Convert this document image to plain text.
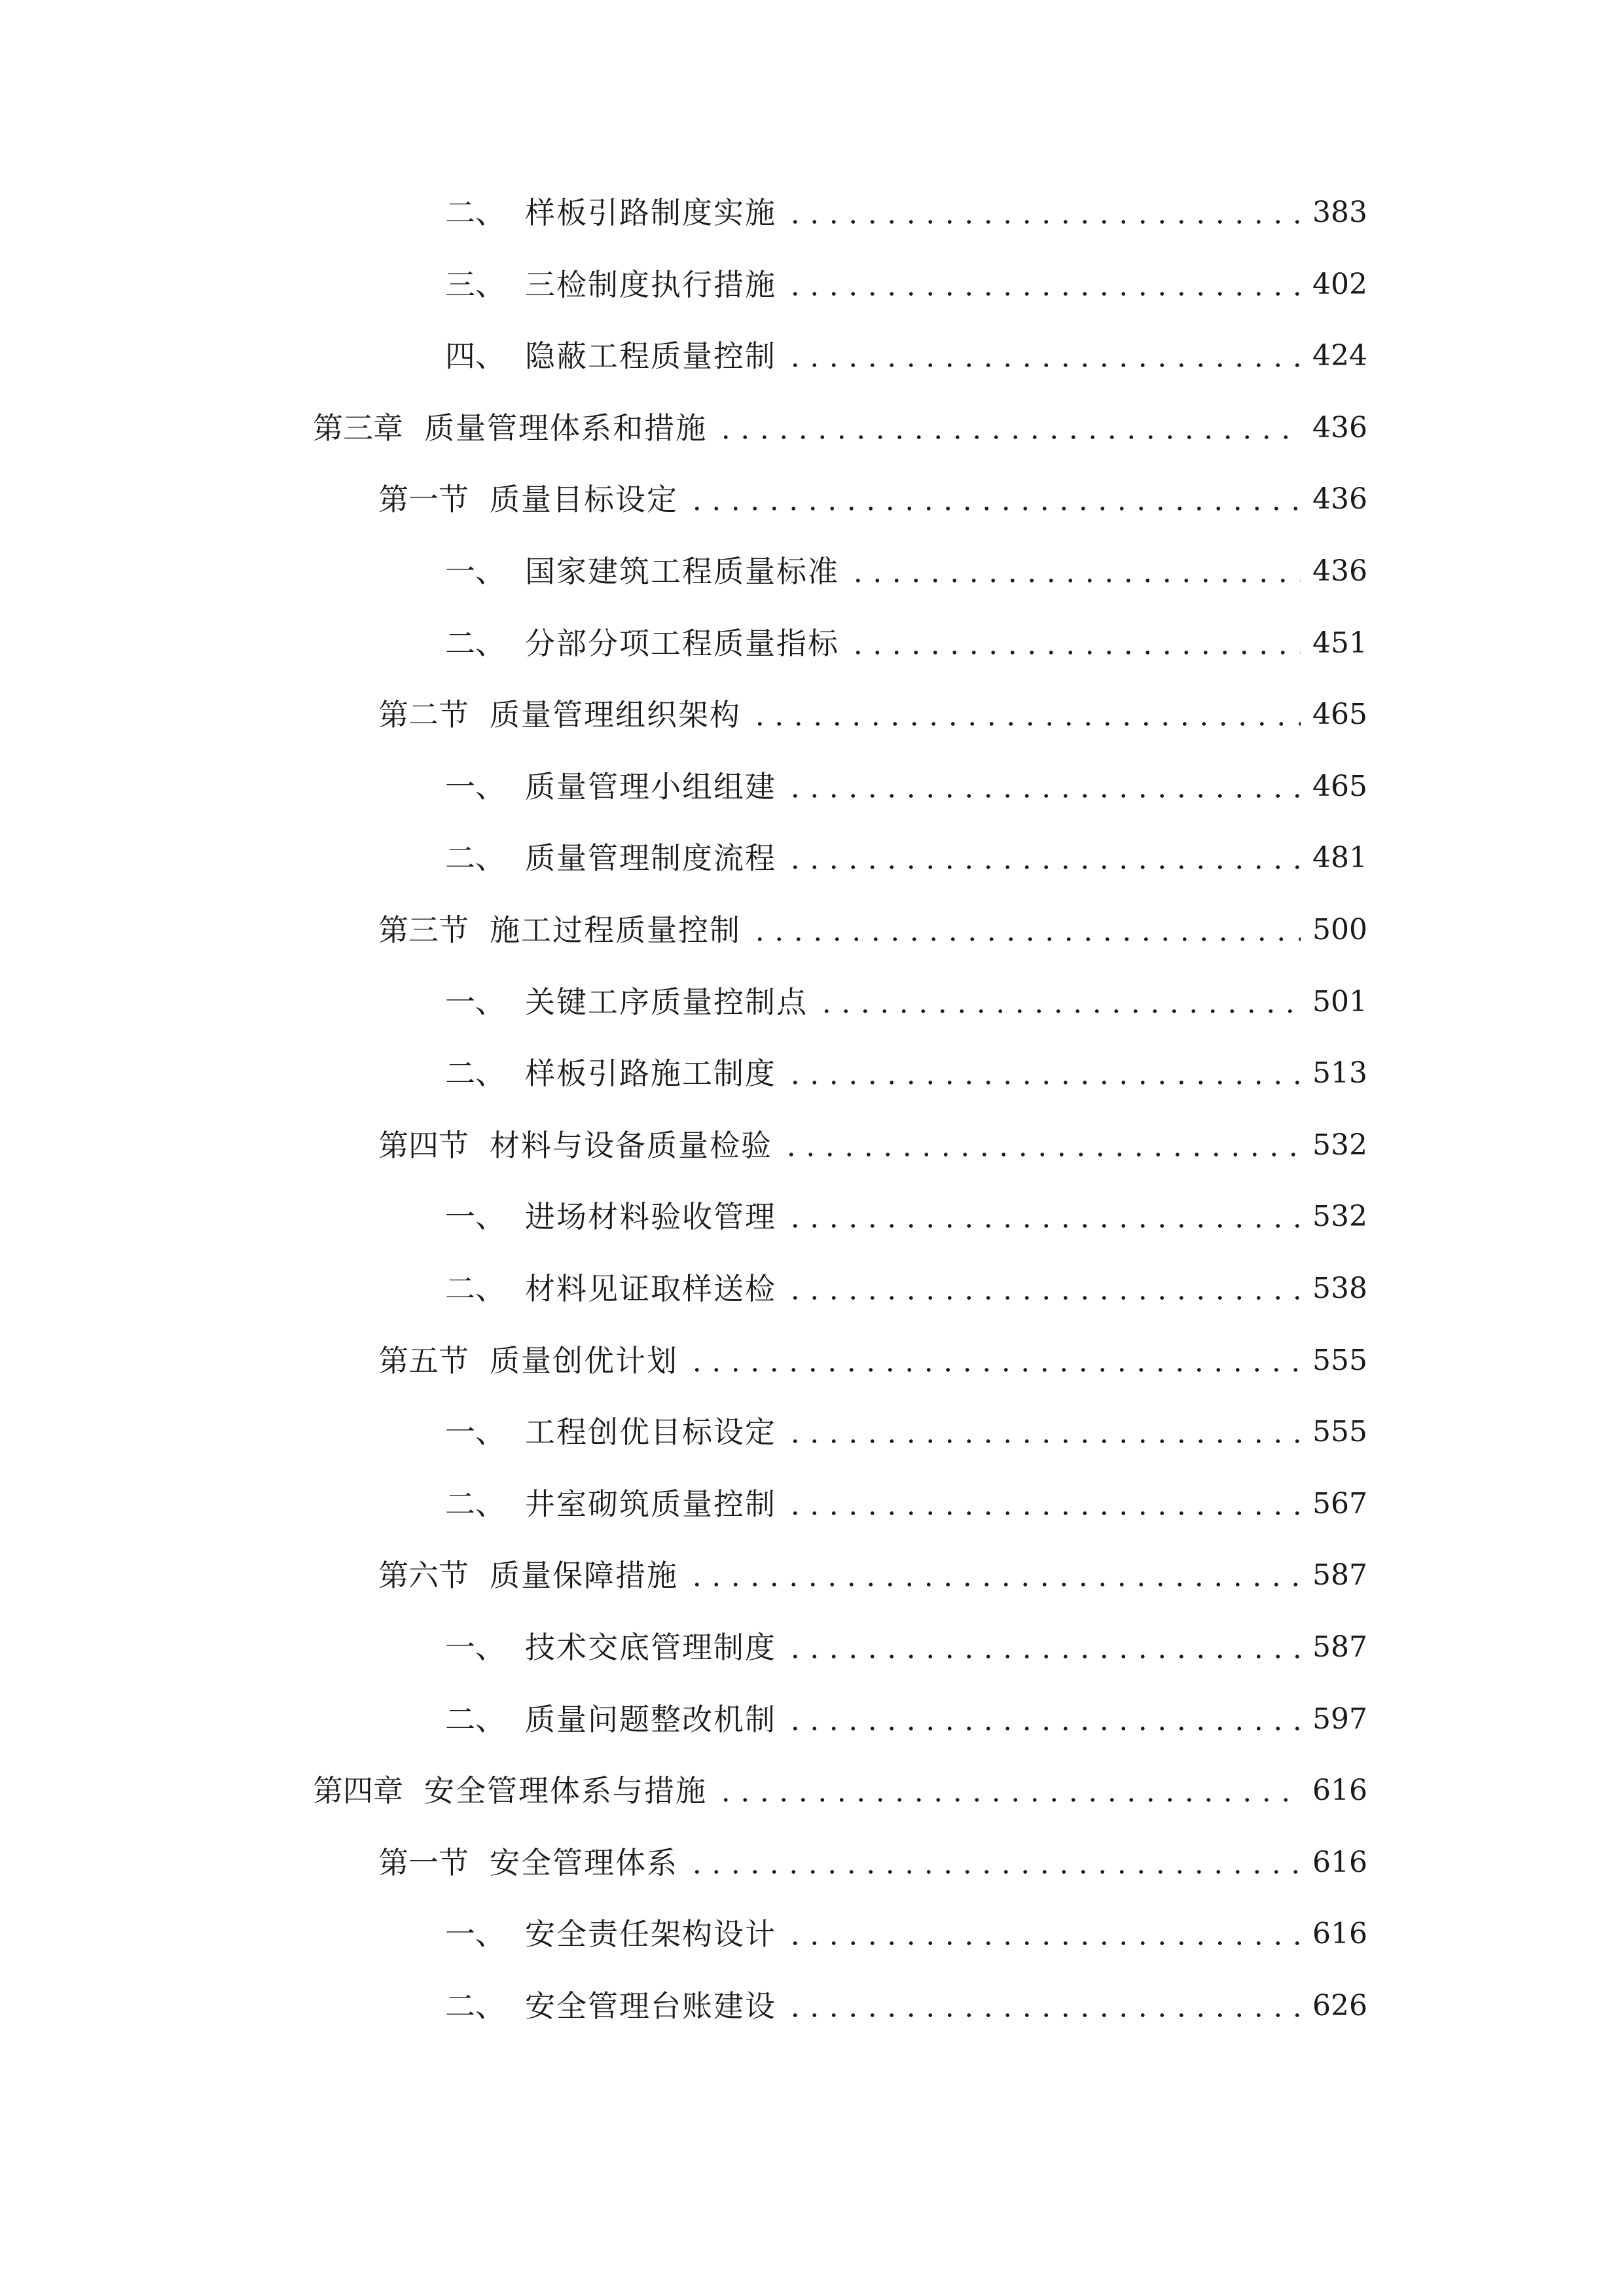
二、 样板引路制度实施	383
三、 三检制度执行措施	402
四、 隐蔽工程质量控制	424
第三章 质量管理体系和措施	436
第一节 质量目标设定	436
一、 国家建筑工程质量标准	436
二、 分部分项工程质量指标	451
第二节 质量管理组织架构	465
一、 质量管理小组组建	465
二、 质量管理制度流程	481
第三节 施工过程质量控制	500
一、 关键工序质量控制点	501
二、 样板引路施工制度	513
第四节 材料与设备质量检验	532
一、 进场材料验收管理	532
二、 材料见证取样送检	538
第五节 质量创优计划	555
一、 工程创优目标设定	555
二、 井室砌筑质量控制	567
第六节 质量保障措施	587
一、 技术交底管理制度	587
二、 质量问题整改机制	597
第四章 安全管理体系与措施	616
第一节 安全管理体系	616
一、 安全责任架构设计	616
二、 安全管理台账建设	626
